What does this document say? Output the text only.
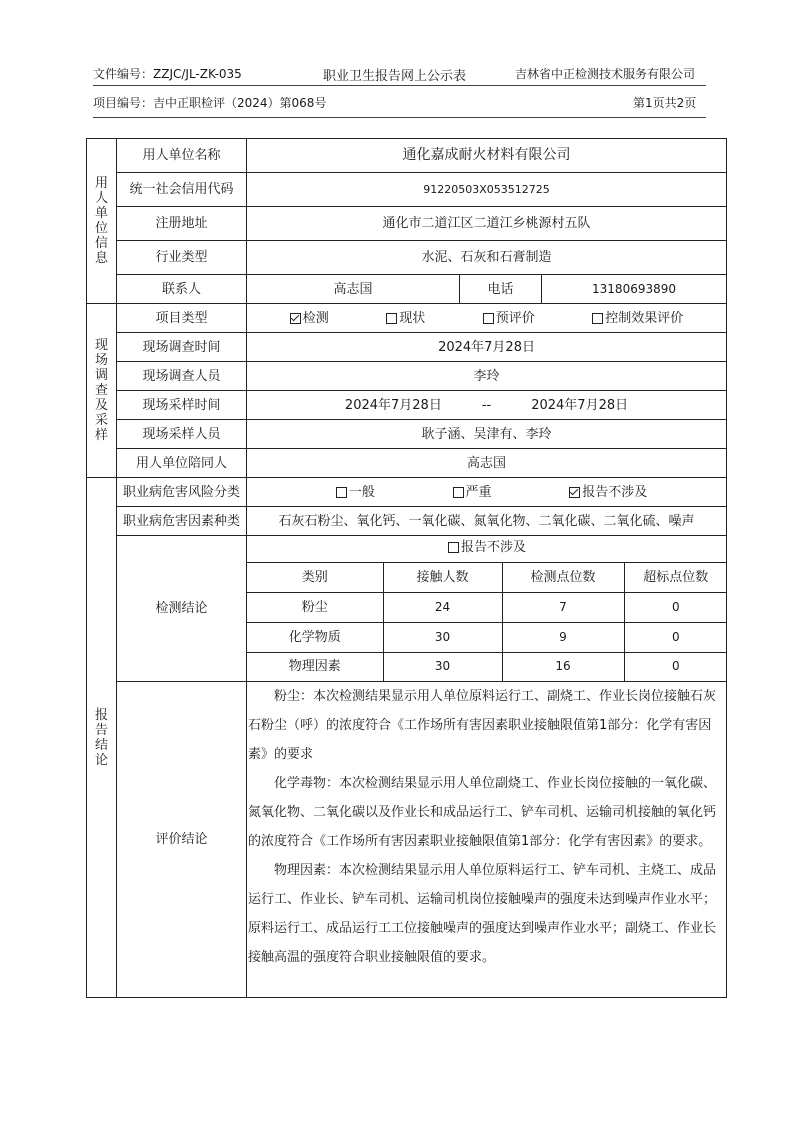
文件编号：ZZJC/JL-ZK-035	职业卫生报告网上公示表	吉林省中正检测技术服务有限公司
项目编号：吉中正职检评（2024）第068号	第1页共2页
用
人
单
位
信
息
	用人单位名称	通化嘉成耐火材料有限公司
统一社会信用代码	91220503X053512725
注册地址	通化市二道江区二道江乡桃源村五队
行业类型	水泥、石灰和石膏制造
联系人	高志国	电话	13180693890

现
场
调
查
及
采
样
	项目类型	检测	现状	预评价	控制效果评价

现场调查时间	2024年7月28日
现场调查人员	李玲
现场采样时间	2024年7月28日	--	2024年7月28日

现场采样人员	耿子涵、吴津有、李玲
用人单位陪同人	高志国

报
告
结
论
	职业病危害风险分类	一般	严重	报告不涉及

职业病危害因素种类	石灰石粉尘、氧化钙、一氧化碳、氮氧化物、二氧化碳、二氧化硫、噪声
检测结论	
报告不涉及

类别	接触人数	检测点位数	超标点位数
粉尘	24	7	0
化学物质	30	9	0
物理因素	30	16	0

评价结论	

粉尘：本次检测结果显示用人单位原料运行工、副烧工、作业长岗位接触石灰石粉尘（呼）的浓度符合《工作场所有害因素职业接触限值第1部分：化学有害因素》的要求

化学毒物：本次检测结果显示用人单位副烧工、作业长岗位接触的一氧化碳、氮氧化物、二氧化碳以及作业长和成品运行工、铲车司机、运输司机接触的氧化钙的浓度符合《工作场所有害因素职业接触限值第1部分：化学有害因素》的要求。

物理因素：本次检测结果显示用人单位原料运行工、铲车司机、主烧工、成品运行工、作业长、铲车司机、运输司机岗位接触噪声的强度未达到噪声作业水平；原料运行工、成品运行工工位接触噪声的强度达到噪声作业水平；副烧工、作业长接触高温的强度符合职业接触限值的要求。
